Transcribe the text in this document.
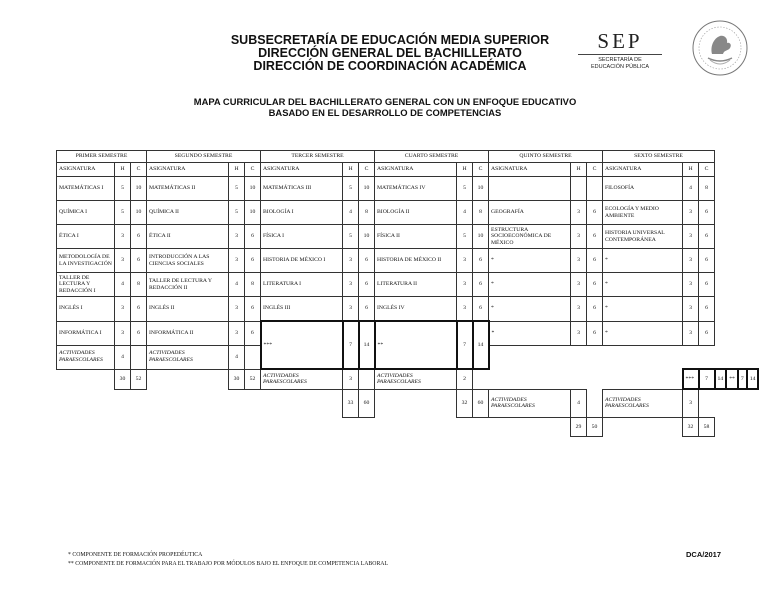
SUBSECRETARÍA DE EDUCACIÓN MEDIA SUPERIOR
DIRECCIÓN GENERAL DEL BACHILLERATO
DIRECCIÓN DE COORDINACIÓN ACADÉMICA
SEP
SECRETARÍA DE
EDUCACIÓN PÚBLICA
MAPA CURRICULAR DEL BACHILLERATO GENERAL CON UN ENFOQUE EDUCATIVO
BASADO EN EL DESARROLLO DE COMPETENCIAS
PRIMER SEMESTRE			SEGUNDO SEMESTRE			TERCER SEMESTRE			CUARTO SEMESTRE			QUINTO SEMESTRE			SEXTO SEMESTRE						
ASIGNATURA	H	C	ASIGNATURA	H	C	ASIGNATURA	H	C	ASIGNATURA	H	C	ASIGNATURA	H	C	ASIGNATURA	H	C				
MATEMÁTICAS I	5	10	MATEMÁTICAS II	5	10	MATEMÁTICAS III	5	10	MATEMÁTICAS IV	5	10				FILOSOFÍA	4	8				
QUÍMICA I	5	10	QUÍMICA II	5	10	BIOLOGÍA I	4	8	BIOLOGÍA II	4	8	GEOGRAFÍA	3	6	ECOLOGÍA Y MEDIO AMBIENTE	3	6				
ÉTICA I	3	6	ÉTICA II	3	6	FÍSICA I	5	10	FÍSICA II	5	10	ESTRUCTURA SOCIOECONÓMICA DE MÉXICO	3	6	HISTORIA UNIVERSAL CONTEMPORÁNEA	3	6				
METODOLOGÍA DE LA INVESTIGACIÓN	3	6	INTRODUCCIÓN A LAS CIENCIAS SOCIALES	3	6	HISTORIA DE MÉXICO I	3	6	HISTORIA DE MÉXICO II	3	6	*	3	6	*	3	6				
TALLER DE LECTURA Y REDACCIÓN I	4	8	TALLER DE LECTURA Y REDACCIÓN II	4	8	LITERATURA I	3	6	LITERATURA II	3	6	*	3	6	*	3	6				
INGLÉS I	3	6	INGLÉS II	3	6	INGLÉS III	3	6	INGLÉS IV	3	6	*	3	6	*	3	6				
INFORMÁTICA I	3	6	INFORMÁTICA II	3	6	***	7	14	**	7	14	*	3	6	*	3	6				
ACTIVIDADES PARAESCOLARES	4		ACTIVIDADES PARAESCOLARES	4																	
	30	52		30	52	ACTIVIDADES PARAESCOLARES	3		ACTIVIDADES PARAESCOLARES	2						***	7	14	**	7	14
							33	60		32	60	ACTIVIDADES PARAESCOLARES	4		ACTIVIDADES PARAESCOLARES	3					
													29	50		32	58				
* COMPONENTE DE FORMACIÓN PROPEDÉUTICA
** COMPONENTE DE FORMACIÓN PARA EL TRABAJO POR MÓDULOS BAJO EL ENFOQUE DE COMPETENCIA LABORAL
DCA/2017
